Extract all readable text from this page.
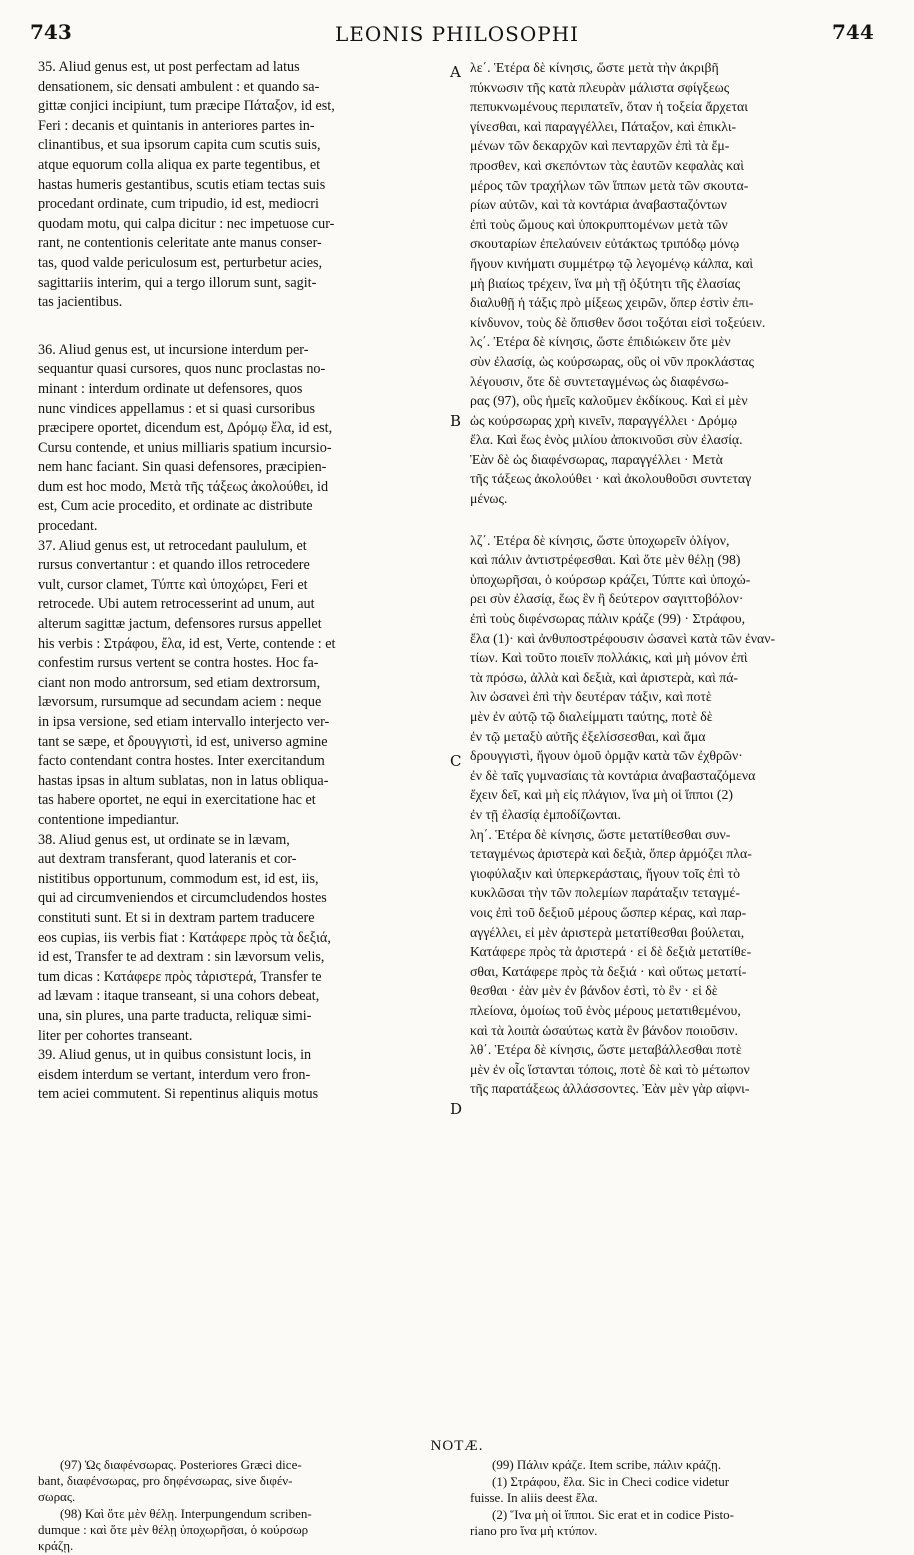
743	LEONIS PHILOSOPHI	744
A
B
C
D
35. Aliud genus est, ut post perfectam ad latus
densationem, sic densati ambulent : et quando sa-
gittæ conjici incipiunt, tum præcipe Πάταξον, id est,
Feri : decanis et quintanis in anteriores partes in-
clinantibus, et sua ipsorum capita cum scutis suis,
atque equorum colla aliqua ex parte tegentibus, et
hastas humeris gestantibus, scutis etiam tectas suis
procedant ordinate, cum tripudio, id est, mediocri
quodam motu, qui calpa dicitur : nec impetuose cur-
rant, ne contentionis celeritate ante manus conser-
tas, quod valde periculosum est, perturbetur acies,
sagittariis interim, qui a tergo illorum sunt, sagit-
tas jacientibus.
36. Aliud genus est, ut incursione interdum per-
sequantur quasi cursores, quos nunc proclastas no-
minant : interdum ordinate ut defensores, quos
nunc vindices appellamus : et si quasi cursoribus
præcipere oportet, dicendum est, Δρόμῳ ἔλα, id est,
Cursu contende, et unius milliaris spatium incursio-
nem hanc faciant. Sin quasi defensores, præcipien-
dum est hoc modo, Μετὰ τῆς τάξεως ἀκολούθει, id
est, Cum acie procedito, et ordinate ac distribute
procedant.
37. Aliud genus est, ut retrocedant paululum, et
rursus convertantur : et quando illos retrocedere
vult, cursor clamet, Τύπτε καὶ ὑποχώρει, Feri et
retrocede. Ubi autem retrocesserint ad unum, aut
alterum sagittæ jactum, defensores rursus appellet
his verbis : Στράφου, ἔλα, id est, Verte, contende : et
confestim rursus vertent se contra hostes. Hoc fa-
ciant non modo antrorsum, sed etiam dextrorsum,
lævorsum, rursumque ad secundam aciem : neque
in ipsa versione, sed etiam intervallo interjecto ver-
tant se sæpe, et δρουγγιστὶ, id est, universo agmine
facto contendant contra hostes. Inter exercitandum
hastas ipsas in altum sublatas, non in latus obliqua-
tas habere oportet, ne equi in exercitatione hac et
contentione impediantur.
38. Aliud genus est, ut ordinate se in lævam,
aut dextram transferant, quod lateranis et cor-
nistitibus opportunum, commodum est, id est, iis,
qui ad circumveniendos et circumcludendos hostes
constituti sunt. Et si in dextram partem traducere
eos cupias, iis verbis fiat : Κατάφερε πρὸς τὰ δεξιά,
id est, Transfer te ad dextram : sin lævorsum velis,
tum dicas : Κατάφερε πρὸς τἀριστερά, Transfer te
ad lævam : itaque transeant, si una cohors debeat,
una, sin plures, una parte traducta, reliquæ simi-
liter per cohortes transeant.
39. Aliud genus, ut in quibus consistunt locis, in
eisdem interdum se vertant, interdum vero fron-
tem aciei commutent. Si repentinus aliquis motus
λε΄. Ἑτέρα δὲ κίνησις, ὥστε μετὰ τὴν ἀκριβῆ
πύκνωσιν τῆς κατὰ πλευρὰν μάλιστα σφίγξεως
πεπυκνωμένους περιπατεῖν, ὅταν ἡ τοξεία ἄρχεται
γίνεσθαι, καὶ παραγγέλλει, Πάταξον, καὶ ἐπικλι-
μένων τῶν δεκαρχῶν καὶ πενταρχῶν ἐπὶ τὰ ἔμ-
προσθεν, καὶ σκεπόντων τὰς ἑαυτῶν κεφαλὰς καὶ
μέρος τῶν τραχήλων τῶν ἵππων μετὰ τῶν σκουτα-
ρίων αὐτῶν, καὶ τὰ κοντάρια ἀναβασταζόντων
ἐπὶ τοὺς ὤμους καὶ ὑποκρυπτομένων μετὰ τῶν
σκουταρίων ἐπελαύνειν εὐτάκτως τριπόδῳ μόνῳ
ἤγουν κινήματι συμμέτρῳ τῷ λεγομένῳ κάλπα, καὶ
μὴ βιαίως τρέχειν, ἵνα μὴ τῇ ὀξύτητι τῆς ἐλασίας
διαλυθῇ ἡ τάξις πρὸ μίξεως χειρῶν, ὅπερ ἐστὶν ἐπι-
κίνδυνον, τοὺς δὲ ὄπισθεν ὅσοι τοξόται εἰσὶ τοξεύειν.
λς΄. Ἑτέρα δὲ κίνησις, ὥστε ἐπιδιώκειν ὅτε μὲν
σὺν ἐλασίᾳ, ὡς κούρσωρας, οὓς οἱ νῦν προκλάστας
λέγουσιν, ὅτε δὲ συντεταγμένως ὡς διαφένσω-
ρας (97), οὓς ἡμεῖς καλοῦμεν ἐκδίκους. Καὶ εἰ μὲν
ὡς κούρσωρας χρὴ κινεῖν, παραγγέλλει · Δρόμῳ
ἔλα. Καὶ ἕως ἑνὸς μιλίου ἀποκινοῦσι σὺν ἐλασίᾳ.
Ἐὰν δὲ ὡς διαφένσωρας, παραγγέλλει · Μετὰ
τῆς τάξεως ἀκολούθει · καὶ ἀκολουθοῦσι συντεταγ
μένως.
λζ΄. Ἑτέρα δὲ κίνησις, ὥστε ὑποχωρεῖν ὀλίγον,
καὶ πάλιν ἀντιστρέφεσθαι. Καὶ ὅτε μὲν θέλῃ (98)
ὑποχωρῆσαι, ὁ κούρσωρ κράζει, Τύπτε καὶ ὑποχώ-
ρει σὺν ἐλασίᾳ, ἕως ἓν ἢ δεύτερον σαγιττοβόλον·
ἐπὶ τοὺς διφένσωρας πάλιν κράζε (99) · Στράφου,
ἔλα (1)· καὶ ἀνθυποστρέφουσιν ὡσανεὶ κατὰ τῶν ἐναν-
τίων. Καὶ τοῦτο ποιεῖν πολλάκις, καὶ μὴ μόνον ἐπὶ
τὰ πρόσω, ἀλλὰ καὶ δεξιὰ, καὶ ἀριστερὰ, καὶ πά-
λιν ὡσανεὶ ἐπὶ τὴν δευτέραν τάξιν, καὶ ποτὲ
μὲν ἐν αὐτῷ τῷ διαλείμματι ταύτης, ποτὲ δὲ
ἐν τῷ μεταξὺ αὐτῆς ἐξελίσσεσθαι, καὶ ἅμα
δρουγγιστὶ, ἤγουν ὁμοῦ ὁρμᾷν κατὰ τῶν ἐχθρῶν·
ἐν δὲ ταῖς γυμνασίαις τὰ κοντάρια ἀναβασταζόμενα
ἔχειν δεῖ, καὶ μὴ εἰς πλάγιον, ἵνα μὴ οἱ ἵπποι (2)
ἐν τῇ ἐλασίᾳ ἐμποδίζωνται.
λη΄. Ἑτέρα δὲ κίνησις, ὥστε μετατίθεσθαι συν-
τεταγμένως ἀριστερὰ καὶ δεξιὰ, ὅπερ ἁρμόζει πλα-
γιοφύλαξιν καὶ ὑπερκεράσταις, ἤγουν τοῖς ἐπὶ τὸ
κυκλῶσαι τὴν τῶν πολεμίων παράταξιν τεταγμέ-
νοις ἐπὶ τοῦ δεξιοῦ μέρους ὥσπερ κέρας, καὶ παρ-
αγγέλλει, εἰ μὲν ἀριστερὰ μετατίθεσθαι βούλεται,
Κατάφερε πρὸς τὰ ἀριστερά · εἰ δὲ δεξιὰ μετατίθε-
σθαι, Κατάφερε πρὸς τὰ δεξιά · καὶ οὕτως μετατί-
θεσθαι · ἐὰν μὲν ἐν βάνδον ἐστὶ, τὸ ἓν · εἰ δὲ
πλείονα, ὁμοίως τοῦ ἑνὸς μέρους μετατιθεμένου,
καὶ τὰ λοιπὰ ὡσαύτως κατὰ ἓν βάνδον ποιοῦσιν.
λθ΄. Ἑτέρα δὲ κίνησις, ὥστε μεταβάλλεσθαι ποτὲ
μὲν ἐν οἷς ἵστανται τόποις, ποτὲ δὲ καὶ τὸ μέτωπον
τῆς παρατάξεως ἀλλάσσοντες. Ἐὰν μὲν γὰρ αἰφνι-
NOTÆ.
(97) Ὡς διαφένσωρας. Posteriores Græci dice-
bant, διαφένσωρας, pro δηφένσωρας, sive διφέν-
σωρας.
(98) Καὶ ὅτε μὲν θέλῃ. Interpungendum scriben-
dumque : καὶ ὅτε μὲν θέλῃ ὑποχωρῆσαι, ὁ κούρσωρ
κράζῃ.
(99) Πάλιν κράζε. Item scribe, πάλιν κράζῃ.
(1) Στράφου, ἔλα. Sic in Checi codice videtur
fuisse. In aliis deest ἔλα.
(2) Ἵνα μὴ οἱ ἵπποι. Sic erat et in codice Pisto-
riano pro ἵνα μὴ κτύπον.
